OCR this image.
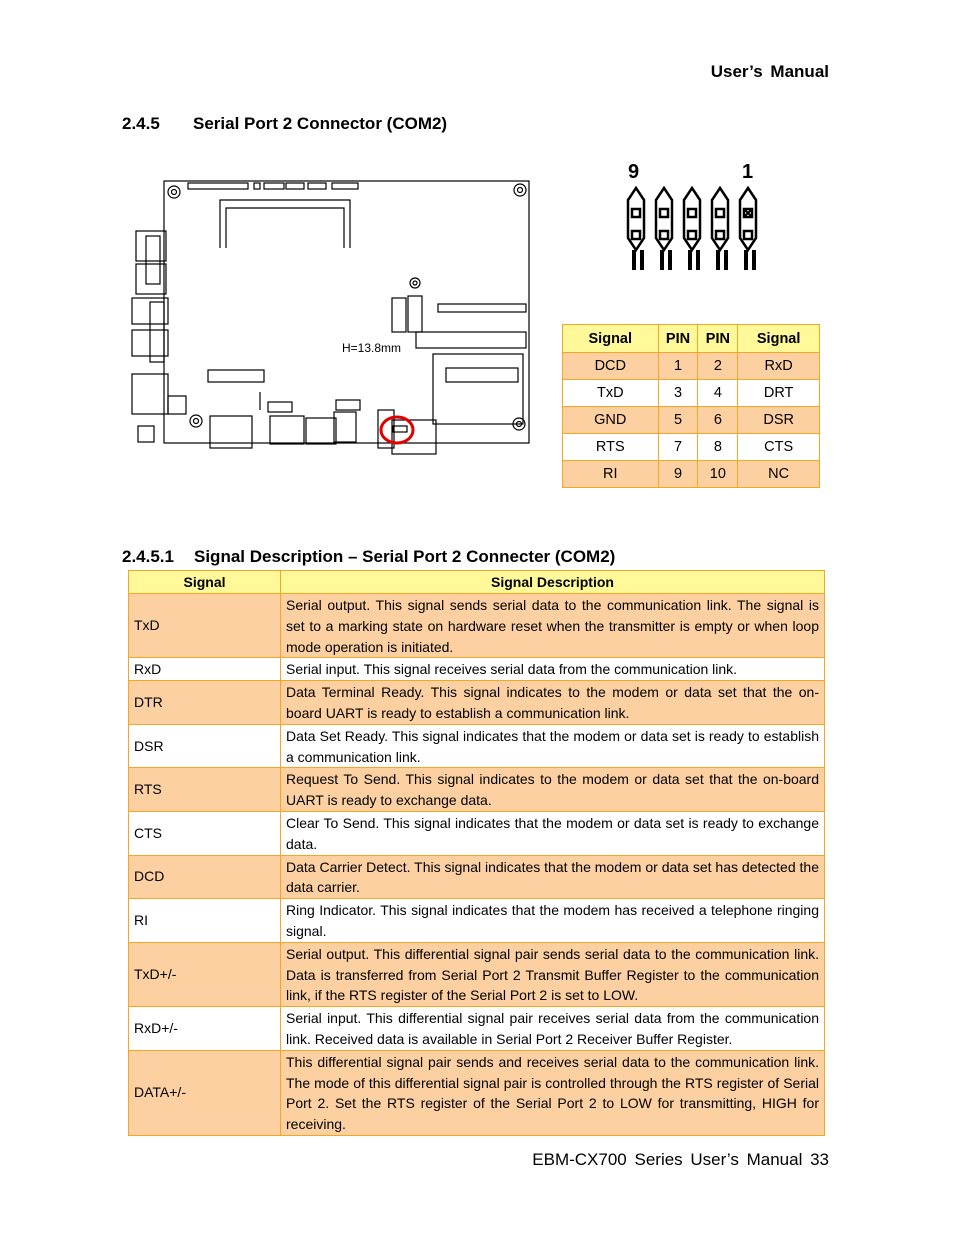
User’s Manual
2.4.5 Serial Port 2 Connector (COM2)
H=13.8mm
9	1
Signal	PIN	PIN	Signal
DCD	1	2	RxD
TxD	3	4	DRT
GND	5	6	DSR
RTS	7	8	CTS
RI	9	10	NC
2.4.5.1 Signal Description – Serial Port 2 Connecter (COM2)
Signal	Signal Description
TxD	Serial output. This signal sends serial data to the communication link. The signal is set to a marking state on hardware reset when the transmitter is empty or when loop mode operation is initiated.
RxD	Serial input. This signal receives serial data from the communication link.
DTR	Data Terminal Ready. This signal indicates to the modem or data set that the on-board UART is ready to establish a communication link.
DSR	Data Set Ready. This signal indicates that the modem or data set is ready to establish a communication link.
RTS	Request To Send. This signal indicates to the modem or data set that the on-board UART is ready to exchange data.
CTS	Clear To Send. This signal indicates that the modem or data set is ready to exchange data.
DCD	Data Carrier Detect. This signal indicates that the modem or data set has detected the data carrier.
RI	Ring Indicator. This signal indicates that the modem has received a telephone ringing signal.
TxD+/-	Serial output. This differential signal pair sends serial data to the communication link. Data is transferred from Serial Port 2 Transmit Buffer Register to the communication link, if the RTS register of the Serial Port 2 is set to LOW.
RxD+/-	Serial input. This differential signal pair receives serial data from the communication link. Received data is available in Serial Port 2 Receiver Buffer Register.
DATA+/-	This differential signal pair sends and receives serial data to the communication link. The mode of this differential signal pair is controlled through the RTS register of Serial Port 2. Set the RTS register of the Serial Port 2 to LOW for transmitting, HIGH for receiving.
EBM-CX700 Series User’s Manual 33
